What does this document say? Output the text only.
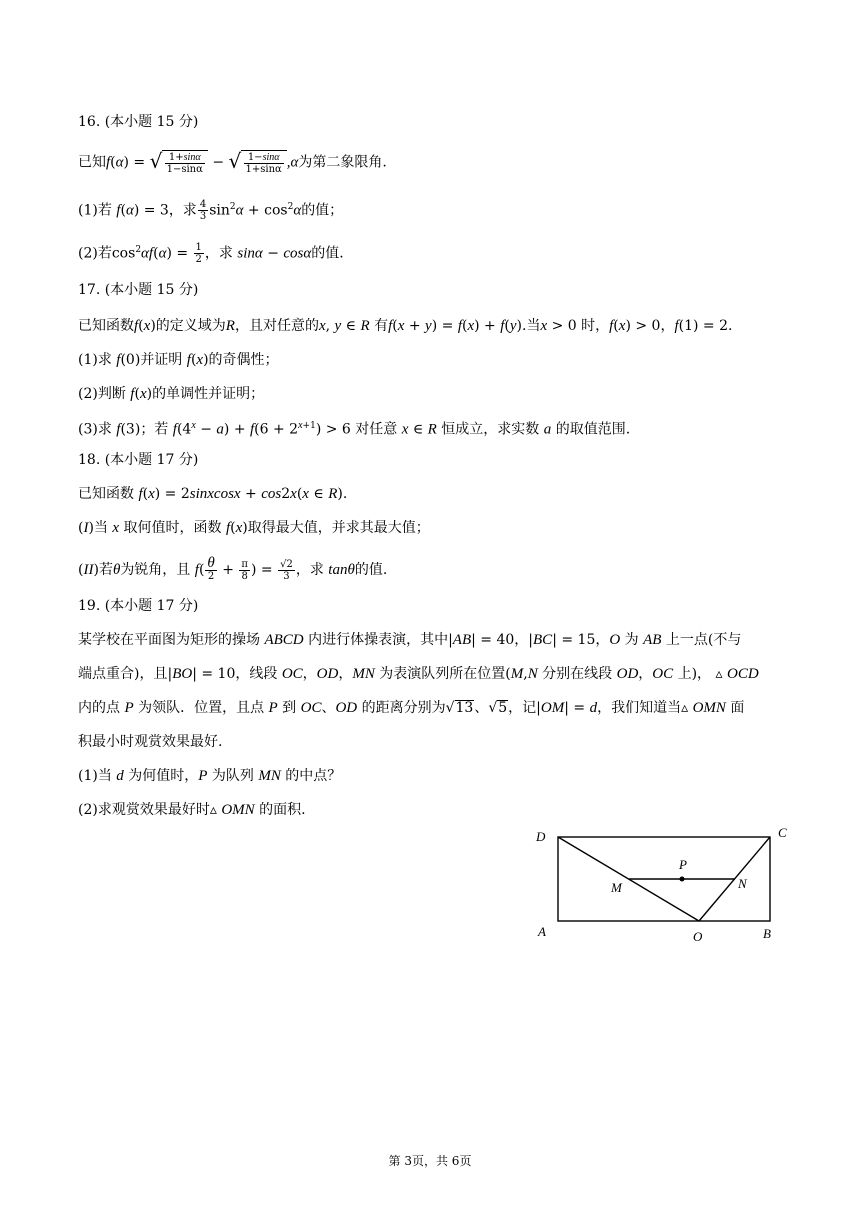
16. (本小题 15 分)
已知f(α) = √ $\frac{1+\sin\alpha}{1-\sin\alpha}$ − √ $\frac{1-\sin\alpha}{1+\sin\alpha} ,\alpha$为第二象限角.
(1)若 f(α) = 3，求 $\frac{4}{3} \sin^2\alpha + \cos^2\alpha$的值；
(2)若$\cos^2\alpha f(\alpha) = \frac{1}{2}$ ，求 sinα − cosα的值.
17. (本小题 15 分)
已知函数f(x)的定义域为R，且对任意的x, y ∈ R 有f(x + y) = f(x) + f(y).当x > 0 时，f(x) > 0，f(1) = 2.
(1)求 f(0)并证明 f(x)的奇偶性；
(2)判断 f(x)的单调性并证明；
(3)求 f(3)；若 $f(4^x - a) + f(6 + 2^{x+1}) > 6$ 对任意 x ∈ R 恒成立，求实数 a 的取值范围.
18. (本小题 17 分)
已知函数 f(x) = 2sinxcosx + cos2x(x ∈ R).
(I)当 x 取何值时，函数 f(x)取得最大值，并求其最大值；
(II)若θ为锐角，且 $f( \frac{\theta}{2} + \frac{\pi}{8}$ ) = $\frac{√2}{3}$ ，求 tanθ的值.
19. (本小题 17 分)
某学校在平面图为矩形的操场 ABCD 内进行体操表演，其中|AB| = 40，|BC| = 15，O 为 AB 上一点(不与
端点重合)，且|BO| = 10，线段 OC，OD，MN 为表演队列所在位置(M,N 分别在线段 OD，OC 上)， ▵ OCD
内的点 P 为领队．位置，且点 P 到 OC、OD 的距离分别为√13、√5，记|OM| = d，我们知道当▵ OMN 面
积最小时观赏效果最好.
(1)当 d 为何值时，P 为队列 MN 的中点？
(2)求观赏效果最好时▵ OMN 的面积.
D	C
A	B
O
M	N
P
第 3页，共 6页
